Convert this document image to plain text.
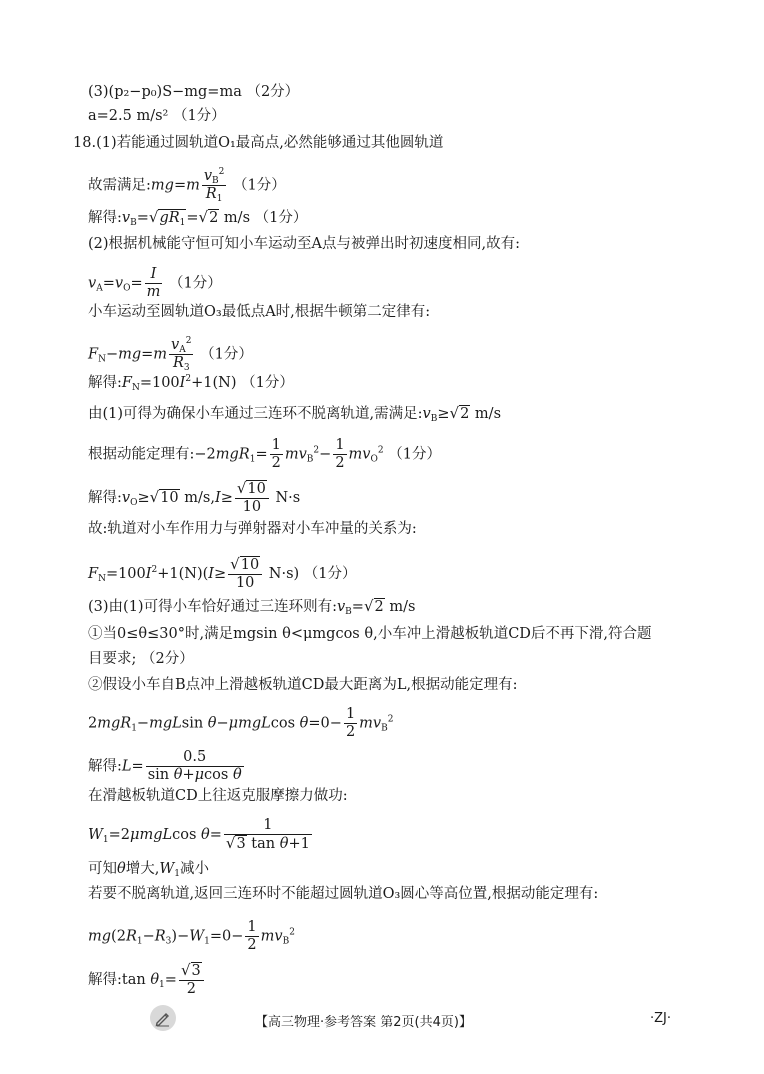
(3)(p₂−p₀)S−mg=ma （2分）
a=2.5 m/s² （1分）
18.(1)若能通过圆轨道O₁最高点,必然能够通过其他圆轨道
故需满足:mg=m $\frac{v_B^2}{R_1} (1$分）
解得$:v_B=√gR_1=√2$ m/s （1分）
(2)根据机械能守恒可知小车运动至A点与被弹出时初速度相同,故有:
$v_A=v_O= \frac{I}{m} (1$分）
小车运动至圆轨道O₃最低点A时,根据牛顿第二定律有:
$F_N-mg=m \frac{v_A^2}{R_3} (1$分）
解得$:F_N=100I^2+1(N)$ （1分）
由(1)可得为确保小车通过三连环不脱离轨道,需满足$:v_B\ge√2$ m/s
根据动能定理有:−2mgR$_1$= $\frac{1}{2} mv_B^2- \frac{1}{2} mv_O^2$ （1分）
解得$:v_O\ge√10$ $m/s,I\ge \frac{√10}{10} N\cdot s$
故:轨道对小车作用力与弹射器对小车冲量的关系为:
$F_N=100I^2+1(N)(I\ge \frac{√10}{10} N\cdot s)$ （1分）
(3)由(1)可得小车恰好通过三连环则有$:v_B=√2$ m/s
①当0≤θ≤30°时,满足mgsin θ<μmgcos θ,小车冲上滑越板轨道CD后不再下滑,符合题
目要求; （2分）
②假设小车自B点冲上滑越板轨道CD最大距离为L,根据动能定理有:
2mgR$_1$−mgLsin θ−μmgLcos $\theta=0- \frac{1}{2} mv_B^2$
解得:L= $\frac{0.5}{\text{sin θ+μcos θ}}$
在滑越板轨道CD上往返克服摩擦力做功:
$W_1=2\mu mgLcos$ $\theta= \frac{1}{\text{√3 tan θ+1}}$
可知θ增大$,W_1$减小
若要不脱离轨道,返回三连环时不能超过圆轨道O₃圆心等高位置,根据动能定理有:
$mg(2R_1-R_3)-W_1=0- \frac{1}{2} mv_B^2$
解得:tan $\theta_1= \frac{√3}{2}$
【高三物理·参考答案 第2页(共4页)】	·ZJ·
